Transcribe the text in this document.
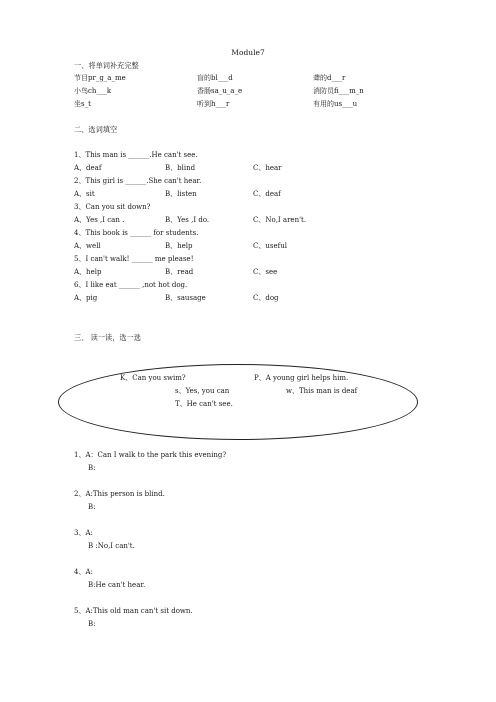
Module7
一、将单词补充完整
节目pr_g_a_me	盲的bl___d	聋的d___r
小鸟ch___k	香肠sa_u_a_e	消防员fi___m_n
坐s_t	听到h___r	有用的us___u
二、选词填空
1、This man is ______.He can't see.
A、deaf	B、blind	C、hear
2、This girl is ______.She can't hear.
A、sit	B、listen	C、deaf
3、Can you sit down?
A、Yes ,I can .	B、Yes ,I do.	C、No,I aren't.
4、This book is ______ for students.
A、well	B、help	C、useful
5、I can't walk! ______ me please!
A、help	B、read	C、see
6、I like eat ______ ,not hot dog.
A、pig	B、sausage	C、dog
三、 读一读，选一选
K、Can you swim?	P、A young girl helps him.
s、Yes, you can	w、This man is deaf
T、He can't see.
1、A：Can I walk to the park this evening?
B:
2、A:This person is blind.
B:
3、A:
B :No,I can't.
4、A:
B:He can't hear.
5、A:This old man can't sit down.
B:
